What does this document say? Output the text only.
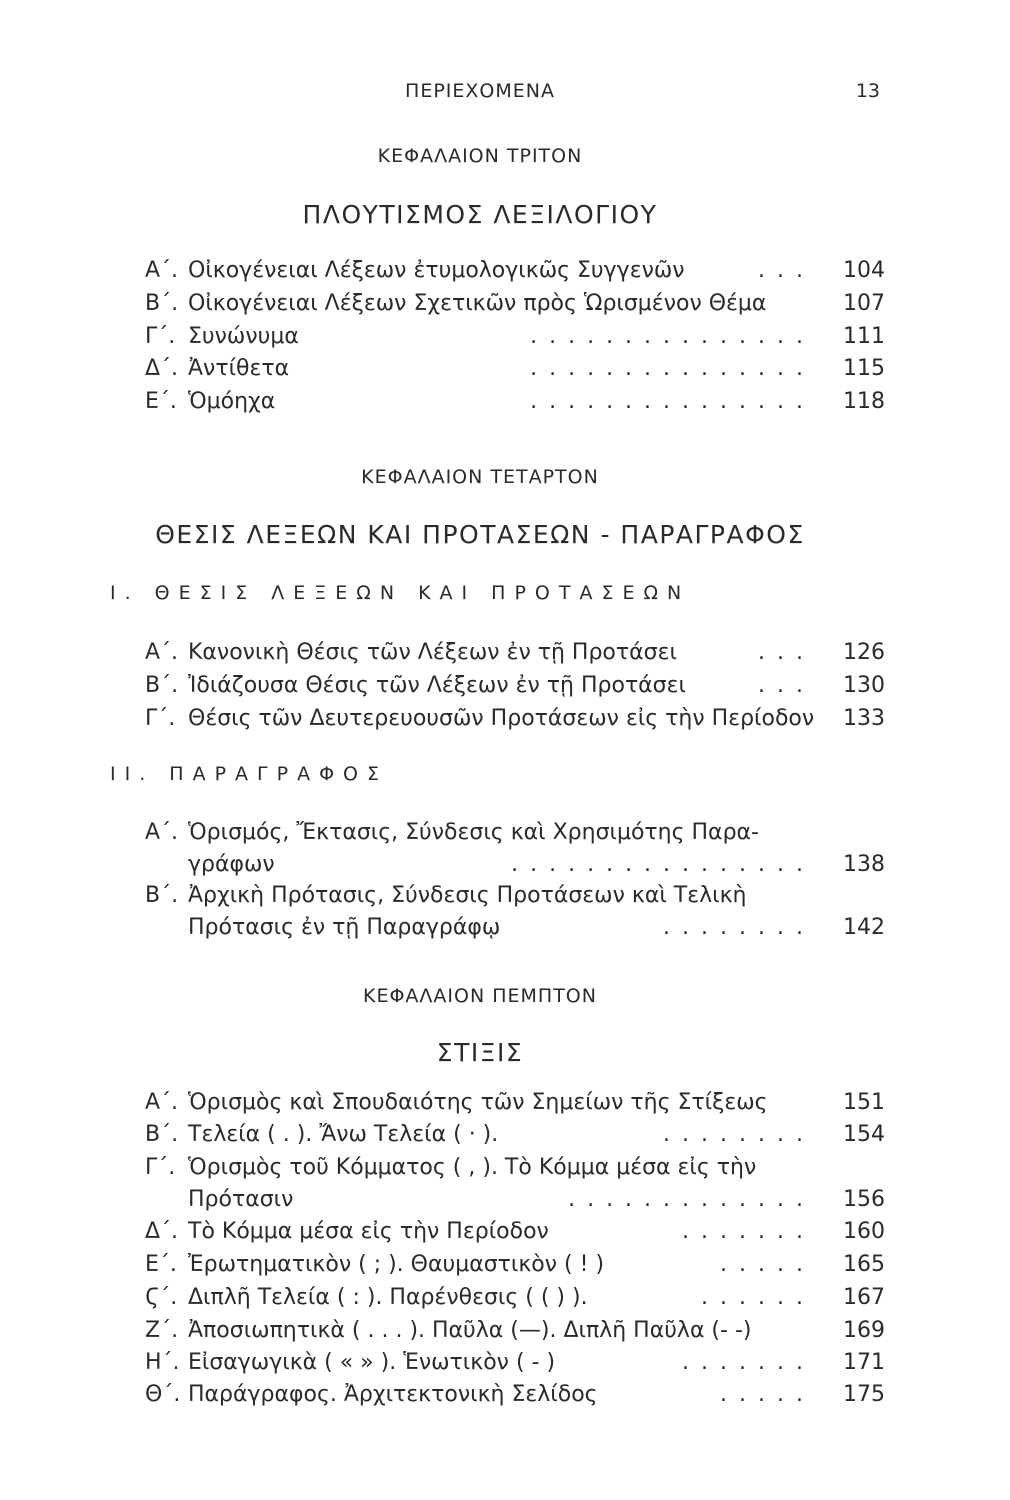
ΠΕΡΙΕΧΟΜΕΝΑ	13
ΚΕΦΑΛΑΙΟΝ ΤΡΙΤΟΝ
ΠΛΟΥΤΙΣΜΟΣ ΛΕΞΙΛΟΓΙΟΥ
Α΄. Οἰκογένειαι Λέξεων ἐτυμολογικῶς Συγγενῶν	...	104
Β΄. Οἰκογένειαι Λέξεων Σχετικῶν πρὸς Ὡρισμένον Θέμα	107
Γ΄. Συνώνυμα	...............	111
Δ΄. Ἀντίθετα	...............	115
Ε΄. Ὁμόηχα	...............	118
ΚΕΦΑΛΑΙΟΝ ΤΕΤΑΡΤΟΝ
ΘΕΣΙΣ ΛΕΞΕΩΝ ΚΑΙ ΠΡΟΤΑΣΕΩΝ - ΠΑΡΑΓΡΑΦΟΣ
Ι. ΘΕΣΙΣ ΛΕΞΕΩΝ ΚΑΙ ΠΡΟΤΑΣΕΩΝ
Α΄. Κανονικὴ Θέσις τῶν Λέξεων ἐν τῇ Προτάσει	...	126
Β΄. Ἰδιάζουσα Θέσις τῶν Λέξεων ἐν τῇ Προτάσει	...	130
Γ΄. Θέσις τῶν Δευτερευουσῶν Προτάσεων εἰς τὴν Περίοδον	133
ΙΙ. ΠΑΡΑΓΡΑΦΟΣ
Α΄. Ὁρισμός, Ἔκτασις, Σύνδεσις καὶ Χρησιμότης Παρα-
γράφων	................	138
Β΄. Ἀρχικὴ Πρότασις, Σύνδεσις Προτάσεων καὶ Τελικὴ
Πρότασις ἐν τῇ Παραγράφῳ	........	142
ΚΕΦΑΛΑΙΟΝ ΠΕΜΠΤΟΝ
ΣΤΙΞΙΣ
Α΄. Ὁρισμὸς καὶ Σπουδαιότης τῶν Σημείων τῆς Στίξεως	151
Β΄. Τελεία ( . ). Ἄνω Τελεία ( · ).	........	154
Γ΄. Ὁρισμὸς τοῦ Κόμματος ( , ). Τὸ Κόμμα μέσα εἰς τὴν
Πρότασιν	.............	156
Δ΄. Τὸ Κόμμα μέσα εἰς τὴν Περίοδον	.......	160
Ε΄. Ἐρωτηματικὸν ( ; ). Θαυμαστικὸν ( ! )	.....	165
Ϛ΄. Διπλῆ Τελεία ( : ). Παρένθεσις ( ( ) ).	......	167
Ζ΄. Ἀποσιωπητικὰ ( . . . ). Παῦλα (—). Διπλῆ Παῦλα (- -)	169
Η΄. Εἰσαγωγικὰ ( « » ). Ἑνωτικὸν ( - )	.......	171
Θ΄. Παράγραφος. Ἀρχιτεκτονικὴ Σελίδος	.....	175
